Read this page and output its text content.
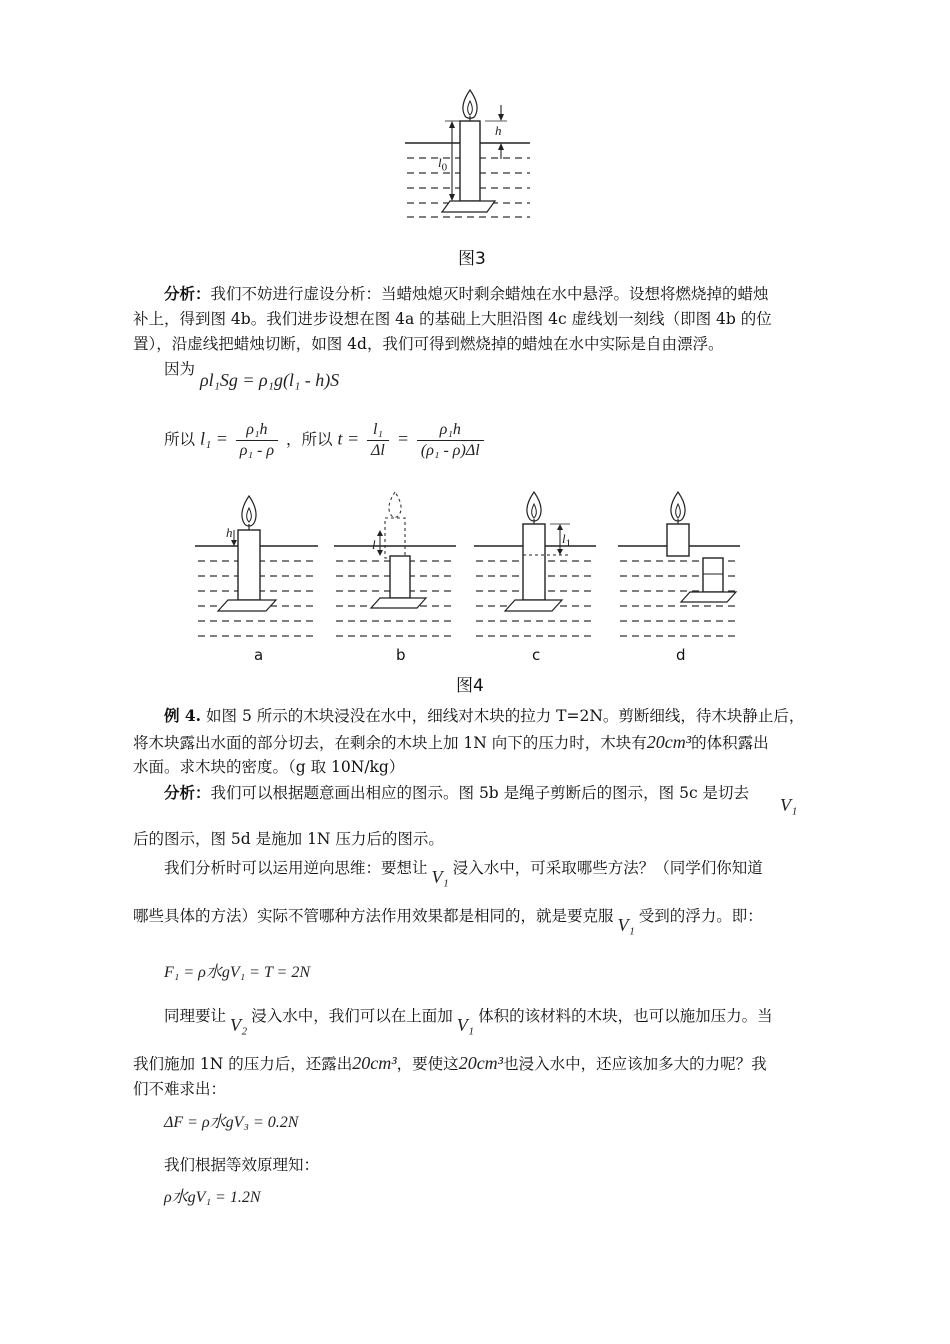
h
$l_0$
图3
分析：我们不妨进行虚设分析：当蜡烛熄灭时剩余蜡烛在水中悬浮。设想将燃烧掉的蜡烛
补上，得到图 4b。我们进步设想在图 4a 的基础上大胆沿图 4c 虚线划一刻线（即图 4b 的位
置），沿虚线把蜡烛切断，如图 4d，我们可得到燃烧掉的蜡烛在水中实际是自由漂浮。
因为
ρl₁Sg = ρ₁g(l₁ - h)S
所以 $l_1 = \frac{\text{ρ₁h}}{\text{ρ₁ - ρ}}$ ，所以 $t = \frac{\text{l₁}}{\Delta l} = \frac{\text{ρ₁h}}{\text{(ρ₁ - ρ)Δl}}$
h
l	$l_1$
a	b	c	d
图4
例 4. 如图 5 所示的木块浸没在水中，细线对木块的拉力 T=2N。剪断细线，待木块静止后，
将木块露出水面的部分切去，在剩余的木块上加 1N 向下的压力时，木块有20cm³的体积露出
水面。求木块的密度。（g 取 10N/kg）
分析：我们可以根据题意画出相应的图示。图 5b 是绳子剪断后的图示，图 5c 是切去
V₁
后的图示，图 5d 是施加 1N 压力后的图示。
我们分析时可以运用逆向思维：要想让 V₁ 浸入水中，可采取哪些方法？（同学们你知道
哪些具体的方法）实际不管哪种方法作用效果都是相同的，就是要克服 V₁ 受到的浮力。即：
F₁ = ρ水gV₁ = T = 2N
同理要让 V₂ 浸入水中，我们可以在上面加 V₁ 体积的该材料的木块，也可以施加压力。当
我们施加 1N 的压力后，还露出20cm³，要使这20cm³也浸入水中，还应该加多大的力呢？我
们不难求出：
ΔF = ρ水gV₃ = 0.2N
我们根据等效原理知：
ρ水gV₁ = 1.2N
